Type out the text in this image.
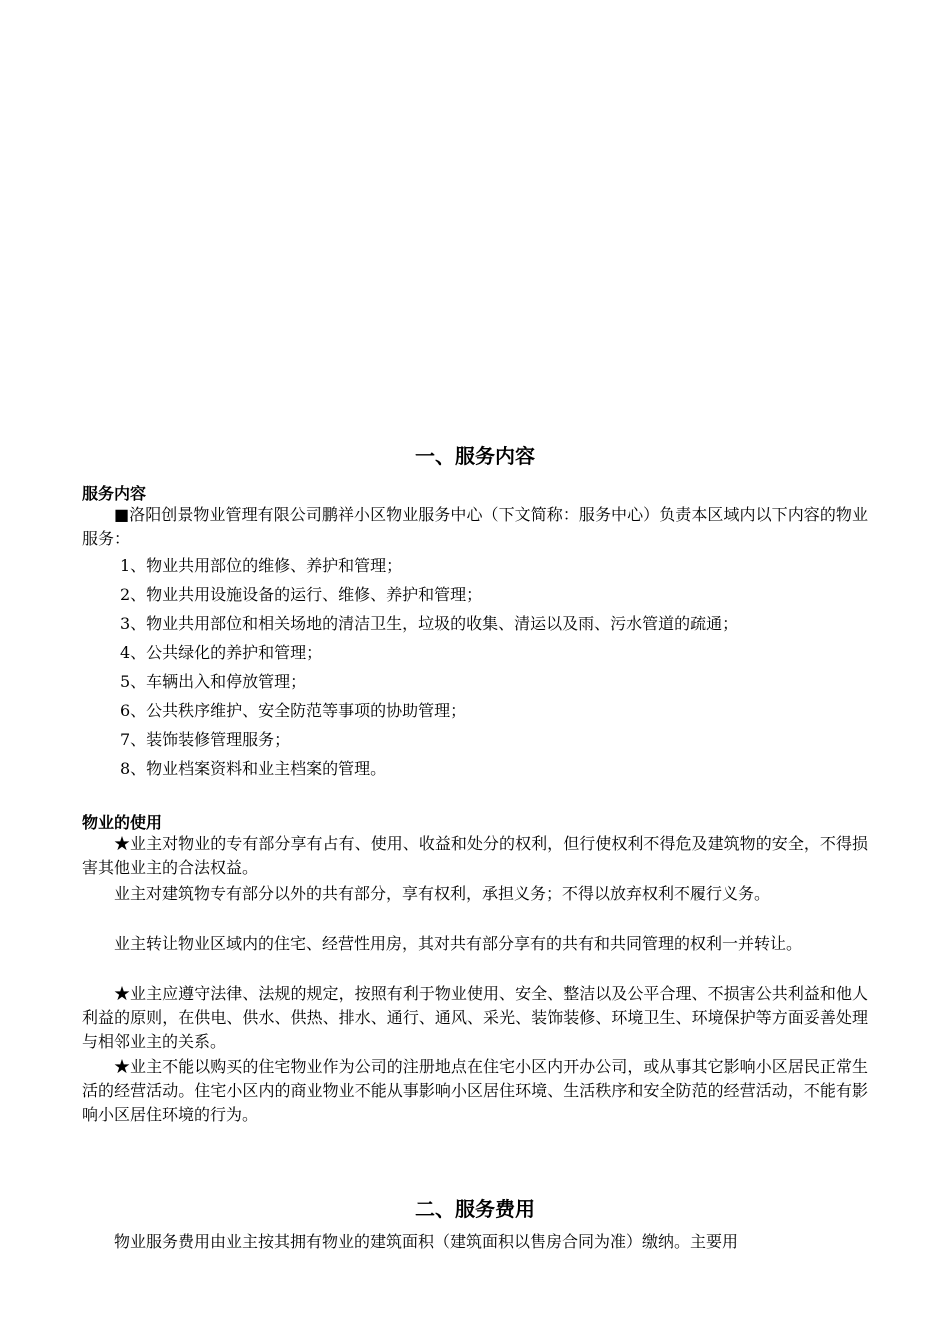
一、服务内容
服务内容
■洛阳创景物业管理有限公司鹏祥小区物业服务中心（下文简称：服务中心）负责本区域内以下内容的物业服务：
1、物业共用部位的维修、养护和管理；
2、物业共用设施设备的运行、维修、养护和管理；
3、物业共用部位和相关场地的清洁卫生，垃圾的收集、清运以及雨、污水管道的疏通；
4、公共绿化的养护和管理；
5、车辆出入和停放管理；
6、公共秩序维护、安全防范等事项的协助管理；
7、装饰装修管理服务；
8、物业档案资料和业主档案的管理。
物业的使用
★业主对物业的专有部分享有占有、使用、收益和处分的权利，但行使权利不得危及建筑物的安全，不得损害其他业主的合法权益。
业主对建筑物专有部分以外的共有部分，享有权利，承担义务；不得以放弃权利不履行义务。
业主转让物业区域内的住宅、经营性用房，其对共有部分享有的共有和共同管理的权利一并转让。
★业主应遵守法律、法规的规定，按照有利于物业使用、安全、整洁以及公平合理、不损害公共利益和他人利益的原则，在供电、供水、供热、排水、通行、通风、采光、装饰装修、环境卫生、环境保护等方面妥善处理与相邻业主的关系。
★业主不能以购买的住宅物业作为公司的注册地点在住宅小区内开办公司，或从事其它影响小区居民正常生活的经营活动。住宅小区内的商业物业不能从事影响小区居住环境、生活秩序和安全防范的经营活动，不能有影响小区居住环境的行为。
二、服务费用
物业服务费用由业主按其拥有物业的建筑面积（建筑面积以售房合同为准）缴纳。主要用
